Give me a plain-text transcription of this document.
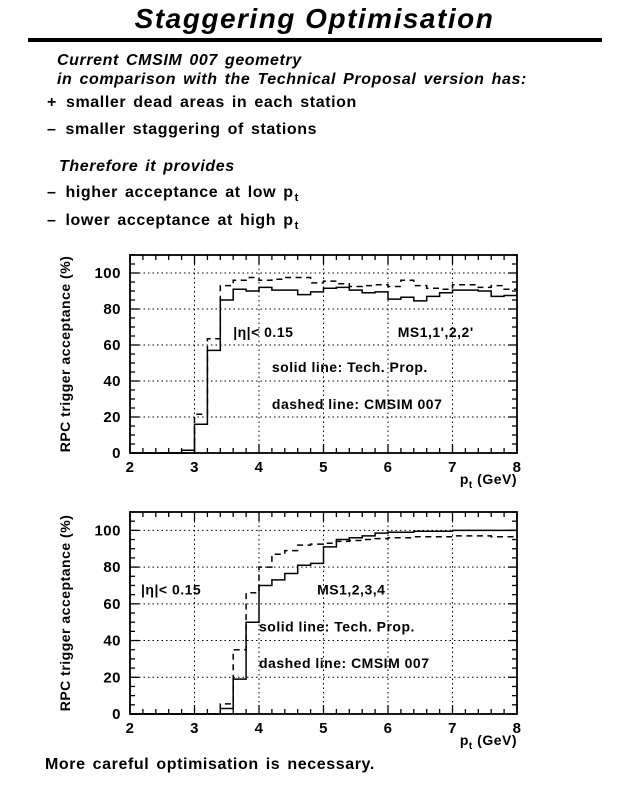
Staggering Optimisation
Current CMSIM 007 geometry
in comparison with the Technical Proposal version has:
+ smaller dead areas in each station
– smaller staggering of stations
Therefore it provides
– higher acceptance at low $p_t$
– lower acceptance at high $p_t$
2	3	4	5	6	7	8
0
20
40
60
80
100
|η|< 0.15	MS1,1',2,2'
solid line: Tech. Prop.
dashed line: CMSIM 007
RPC trigger acceptance (%)
$p_t$ (GeV)
2	3	4	5	6	7	8
0
20
40
60
80
100
|η|< 0.15	MS1,2,3,4
solid line: Tech. Prop.
dashed line: CMSIM 007
RPC trigger acceptance (%)
$p_t$ (GeV)
More careful optimisation is necessary.
